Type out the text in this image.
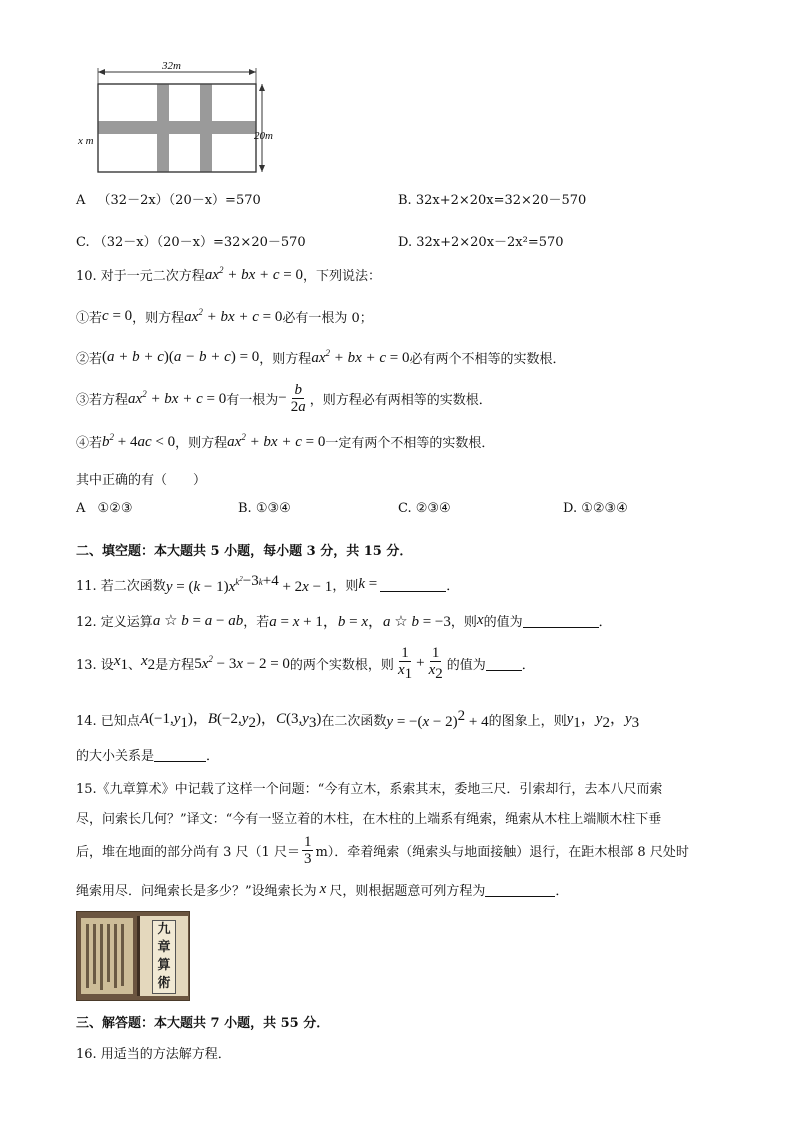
32m
20m
x m
A （32－2x）（20－x）=570	B. 32x+2×20x=32×20－570
C. （32－x）（20－x）=32×20－570	D. 32x+2×20x－2x²=570
10. 对于一元二次方程 $ax^2$ + bx + c = 0 ，下列说法：
①若 c = 0 ，则方程 $ax^2$ + bx + c = 0 必有一根为 0；
②若 (a + b + c)(a − b + c) = 0 ，则方程 $ax^2$ + bx + c = 0 必有两个不相等的实数根．
③若方程 $ax^2$ + bx + c = 0 有一根为 − $\frac{b}{2a}$ ，则方程必有两相等的实数根．
④若 $b^2 + 4ac < 0$ ，则方程 $ax^2$ + bx + c = 0 一定有两个不相等的实数根．
其中正确的有（　　）
A ①②③	B. ①③④	C. ②③④	D. ①②③④
二、填空题：本大题共 5 小题，每小题 3 分，共 15 分．
11. 若二次函数 $y = (k - 1)x^{k^2-3k+4} + 2x - 1$ ，则 k =	．
12. 定义运算 a ☆ b = a − ab ，若 a = x + 1，b = x，a ☆ b = −3 ，则 x 的值为	．
13. 设 $x_1$ 、 $x_2$ 是方程 $5x^2 - 3x - 2 = 0$ 的两个实数根，则 $\frac{1}{x_1} + \frac{1}{x_2}$ 的值为	．
14. 已知点 $A(-1,y_1)$，$B(-2,y_2)$，$C(3,y_3)$ 在二次函数 $y = -(x - 2)^2 + 4$ 的图象上，则 $y_1$，$y_2$，$y_3$
的大小关系是	．
15.《九章算术》中记载了这样一个问题：“今有立木，系索其末，委地三尺．引索却行，去本八尺而索
尽，问索长几何？”译文：“今有一竖立着的木柱，在木柱的上端系有绳索，绳索从木柱上端顺木柱下垂
后，堆在地面的部分尚有 3 尺（1 尺＝ $\frac{1}{3} m$）．牵着绳索（绳索头与地面接触）退行，在距木根部 8 尺处时
绳索用尽．问绳索长是多少？”设绳索长为 x 尺，则根据题意可列方程为	．
九
章
算
術
三、解答题：本大题共 7 小题，共 55 分．
16. 用适当的方法解方程．
